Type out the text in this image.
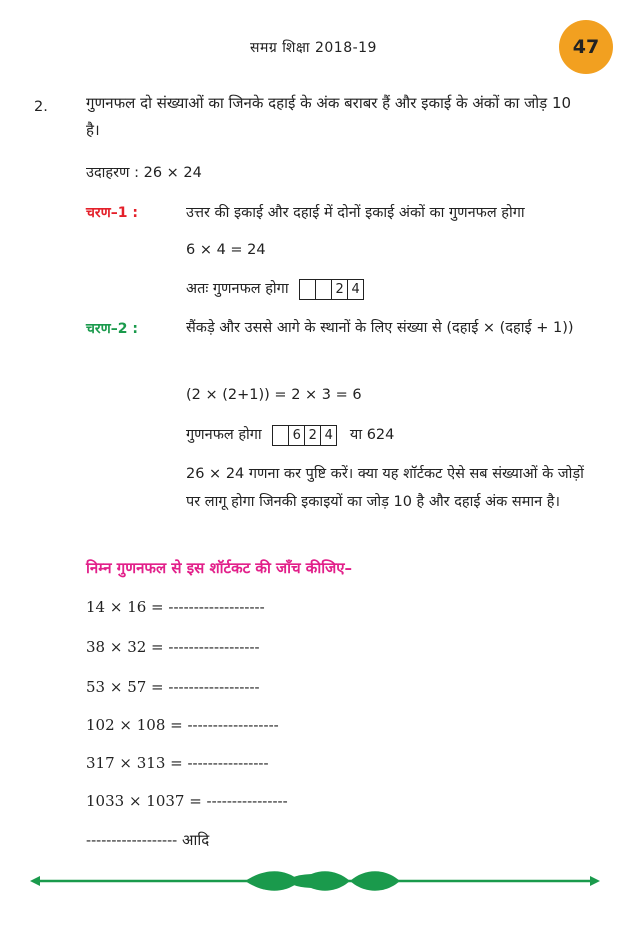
समग्र शिक्षा 2018-19	47
2.	गुणनफल दो संख्याओं का जिनके दहाई के अंक बराबर हैं और इकाई के अंकों का जोड़ 10 है।
उदाहरण : 26 × 24
चरण–1 :	उत्तर की इकाई और दहाई में दोनों इकाई अंकों का गुणनफल होगा
6 × 4 = 24
अतः गुणनफल होगा	2 4
चरण–2 :	सैंकड़े और उससे आगे के स्थानों के लिए संख्या से (दहाई × (दहाई + 1))
(2 × (2+1)) = 2 × 3 = 6
गुणनफल होगा	6 2 4 या 624
26 × 24 गणना कर पुष्टि करें। क्या यह शॉर्टकट ऐसे सब संख्याओं के जोड़ों पर लागू होगा जिनकी इकाइयों का जोड़ 10 है और दहाई अंक समान है।
निम्न गुणनफल से इस शॉर्टकट की जाँच कीजिए–
14 × 16 = -------------------
38 × 32 = ------------------
53 × 57 = ------------------
102 × 108 = ------------------
317 × 313 = ----------------
1033 × 1037 = ----------------
------------------ आदि
